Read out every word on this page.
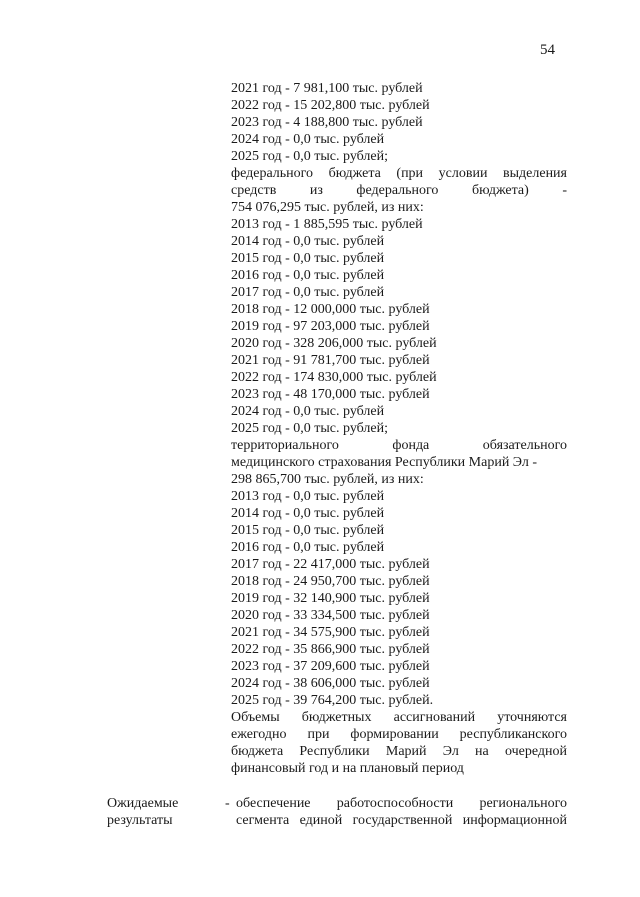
54
2021 год - 7 981,100 тыс. рублей
2022 год - 15 202,800 тыс. рублей
2023 год - 4 188,800 тыс. рублей
2024 год - 0,0 тыс. рублей
2025 год - 0,0 тыс. рублей;
федерального бюджета (при условии выделения
средств из федерального бюджета) -
754 076,295 тыс. рублей, из них:
2013 год - 1 885,595 тыс. рублей
2014 год - 0,0 тыс. рублей
2015 год - 0,0 тыс. рублей
2016 год - 0,0 тыс. рублей
2017 год - 0,0 тыс. рублей
2018 год - 12 000,000 тыс. рублей
2019 год - 97 203,000 тыс. рублей
2020 год - 328 206,000 тыс. рублей
2021 год - 91 781,700 тыс. рублей
2022 год - 174 830,000 тыс. рублей
2023 год - 48 170,000 тыс. рублей
2024 год - 0,0 тыс. рублей
2025 год - 0,0 тыс. рублей;
территориального фонда обязательного
медицинского страхования Республики Марий Эл -
298 865,700 тыс. рублей, из них:
2013 год - 0,0 тыс. рублей
2014 год - 0,0 тыс. рублей
2015 год - 0,0 тыс. рублей
2016 год - 0,0 тыс. рублей
2017 год - 22 417,000 тыс. рублей
2018 год - 24 950,700 тыс. рублей
2019 год - 32 140,900 тыс. рублей
2020 год - 33 334,500 тыс. рублей
2021 год - 34 575,900 тыс. рублей
2022 год - 35 866,900 тыс. рублей
2023 год - 37 209,600 тыс. рублей
2024 год - 38 606,000 тыс. рублей
2025 год - 39 764,200 тыс. рублей.
Объемы бюджетных ассигнований уточняются
ежегодно при формировании республиканского
бюджета Республики Марий Эл на очередной
финансовый год и на плановый период
Ожидаемые
результаты
- обеспечение работоспособности регионального
сегмента единой государственной информационной
